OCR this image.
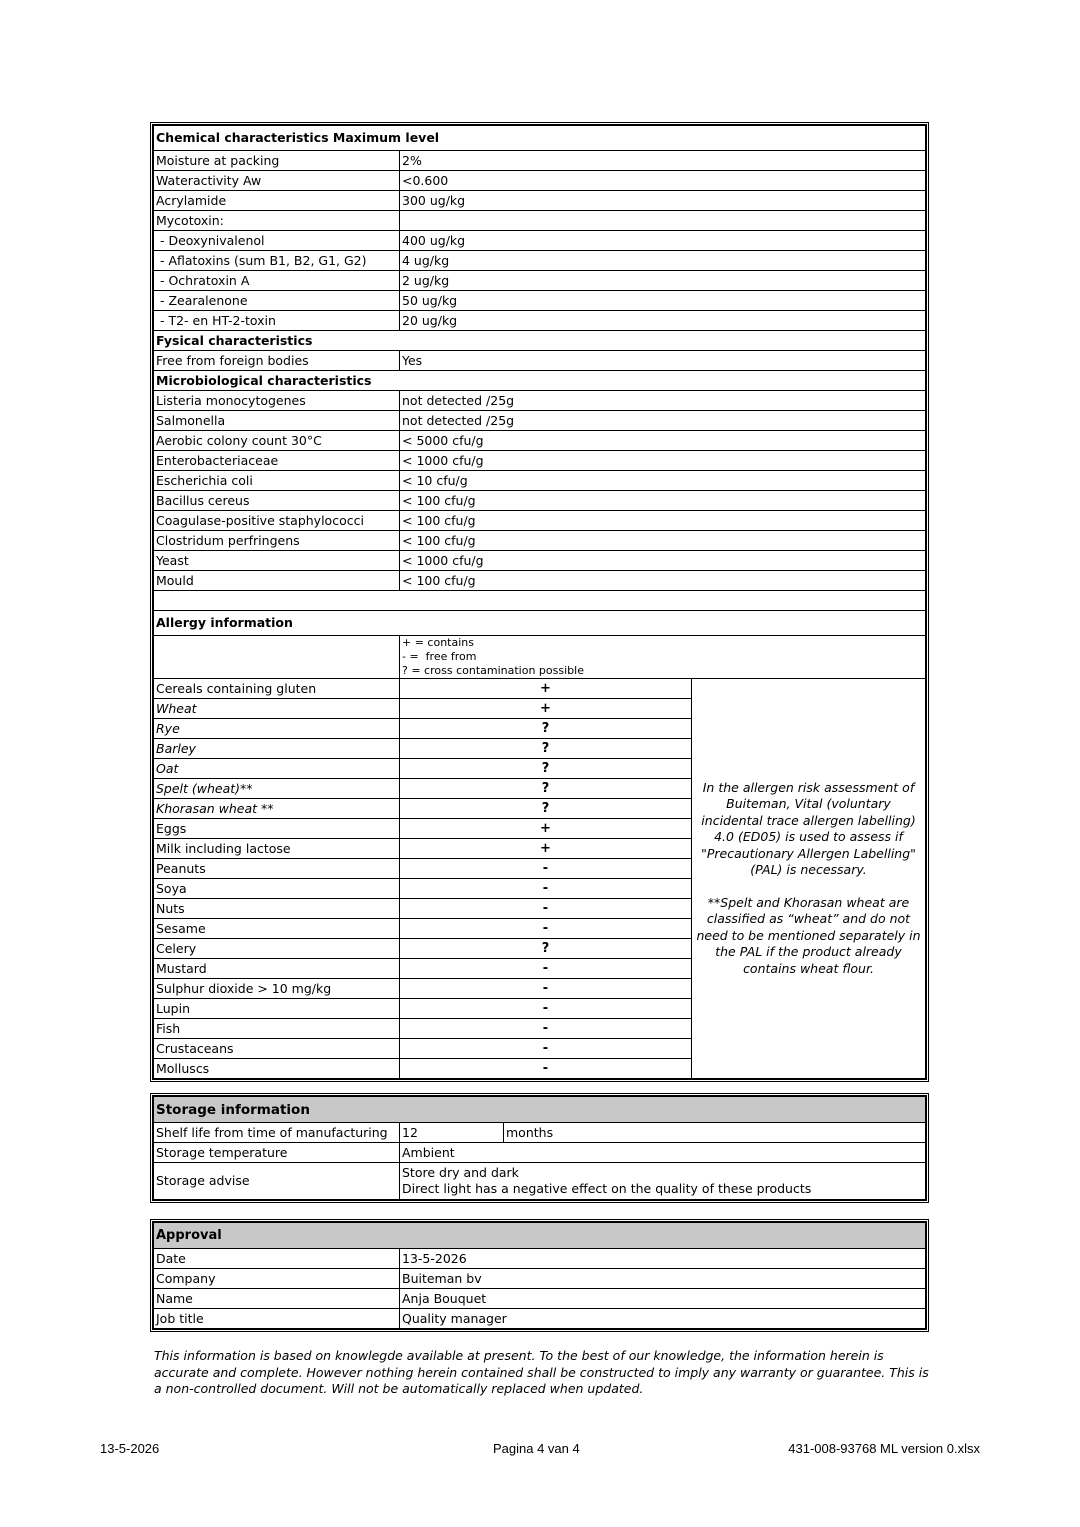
Chemical characteristics Maximum level		
Moisture at packing	2%	
Wateractivity Aw	<0.600	
Acrylamide	300 ug/kg	
Mycotoxin:		
- Deoxynivalenol	400 ug/kg	
- Aflatoxins (sum B1, B2, G1, G2)	4 ug/kg	
- Ochratoxin A	2 ug/kg	
- Zearalenone	50 ug/kg	
- T2- en HT-2-toxin	20 ug/kg	
Fysical characteristics		
Free from foreign bodies	Yes	
Microbiological characteristics		
Listeria monocytogenes	not detected /25g	
Salmonella	not detected /25g	
Aerobic colony count 30°C	< 5000 cfu/g	
Enterobacteriaceae	< 1000 cfu/g	
Escherichia coli	< 10 cfu/g	
Bacillus cereus	< 100 cfu/g	
Coagulase-positive staphylococci	< 100 cfu/g	
Clostridum perfringens	< 100 cfu/g	
Yeast	< 1000 cfu/g	
Mould	< 100 cfu/g	

Allergy information		

	+ = contains
- =  free from
? = cross contamination possible	

Cereals containing gluten	+	In the allergen risk assessment of Buiteman, Vital (voluntary incidental trace allergen labelling) 4.0 (ED05) is used to assess if "Precautionary Allergen Labelling" (PAL) is necessary.
**Spelt and Khorasan wheat are classified as “wheat” and do not need to be mentioned separately in the PAL if the product already contains wheat flour.

Wheat	+	
Rye	?	
Barley	?	
Oat	?	
Spelt (wheat)**	?	
Khorasan wheat **	?	
Eggs	+	
Milk including lactose	+	
Peanuts	-	
Soya	-	
Nuts	-	
Sesame	-	
Celery	?	
Mustard	-	
Sulphur dioxide > 10 mg/kg	-	
Lupin	-	
Fish	-	
Crustaceans	-	
Molluscs	-	
Storage information		
Shelf life from time of manufacturing	12	months
Storage temperature	Ambient	
Storage advise	Store dry and dark
Direct light has a negative effect on the quality of these products	
Approval	
Date	13-5-2026
Company	Buiteman bv
Name	Anja Bouquet
Job title	Quality manager
This information is based on knowlegde available at present. To the best of our knowledge, the information herein is accurate and complete. However nothing herein contained shall be constructed to imply any warranty or guarantee. This is a non-controlled document. Will not be automatically replaced when updated.
13-5-2026	Pagina 4 van 4	431-008-93768 ML version 0.xlsx
